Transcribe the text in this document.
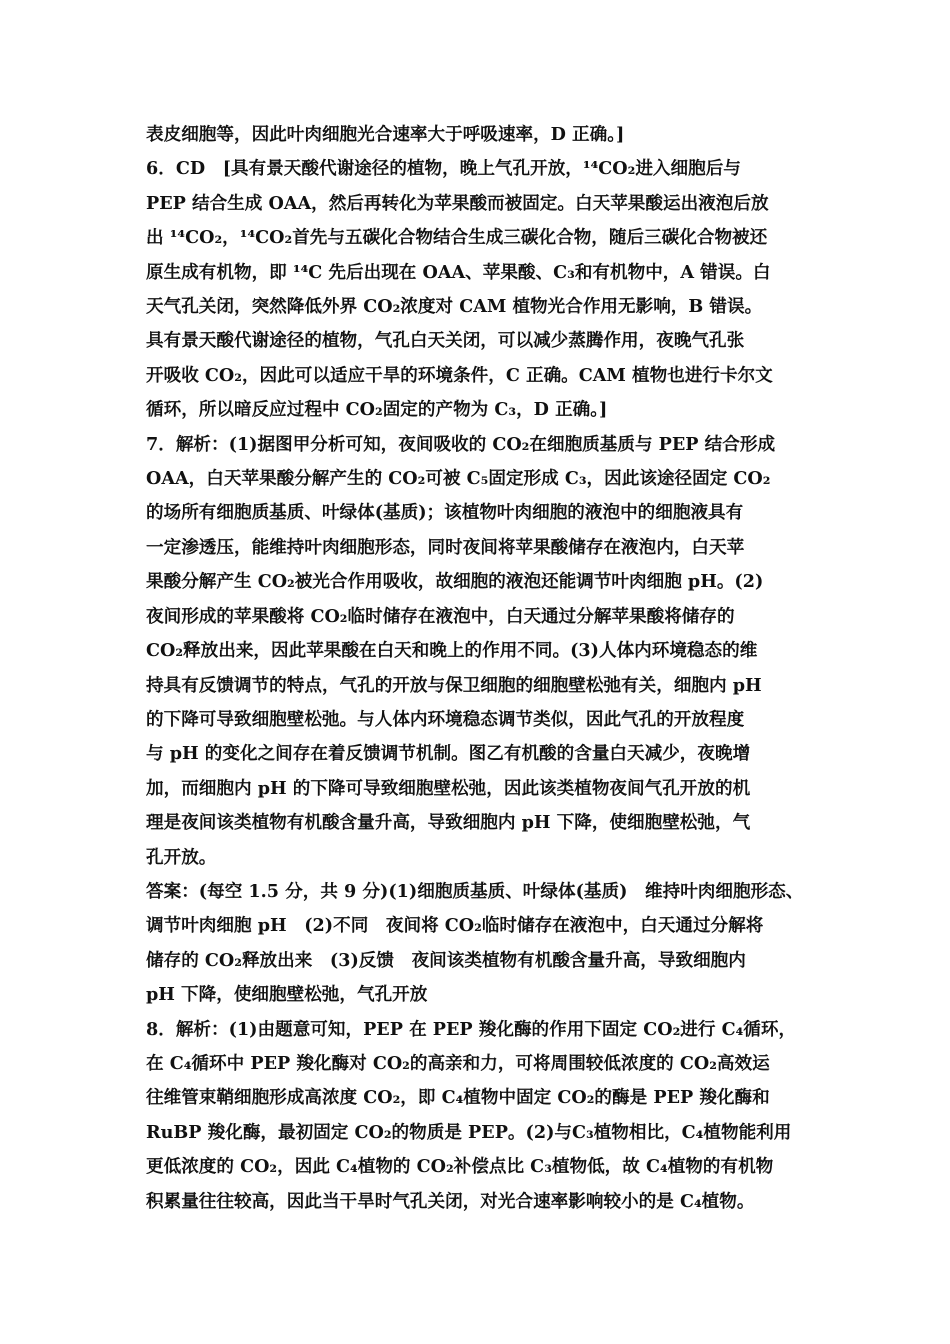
表皮细胞等，因此叶肉细胞光合速率大于呼吸速率，D 正确。]
6．CD　[具有景天酸代谢途径的植物，晚上气孔开放，¹⁴CO₂进入细胞后与
PEP 结合生成 OAA，然后再转化为苹果酸而被固定。白天苹果酸运出液泡后放
出 ¹⁴CO₂，¹⁴CO₂首先与五碳化合物结合生成三碳化合物，随后三碳化合物被还
原生成有机物，即 ¹⁴C 先后出现在 OAA、苹果酸、C₃和有机物中，A 错误。白
天气孔关闭，突然降低外界 CO₂浓度对 CAM 植物光合作用无影响，B 错误。
具有景天酸代谢途径的植物，气孔白天关闭，可以减少蒸腾作用，夜晚气孔张
开吸收 CO₂，因此可以适应干旱的环境条件，C 正确。CAM 植物也进行卡尔文
循环，所以暗反应过程中 CO₂固定的产物为 C₃，D 正确。]
7．解析：(1)据图甲分析可知，夜间吸收的 CO₂在细胞质基质与 PEP 结合形成
OAA，白天苹果酸分解产生的 CO₂可被 C₅固定形成 C₃，因此该途径固定 CO₂
的场所有细胞质基质、叶绿体(基质)；该植物叶肉细胞的液泡中的细胞液具有
一定渗透压，能维持叶肉细胞形态，同时夜间将苹果酸储存在液泡内，白天苹
果酸分解产生 CO₂被光合作用吸收，故细胞的液泡还能调节叶肉细胞 pH。(2)
夜间形成的苹果酸将 CO₂临时储存在液泡中，白天通过分解苹果酸将储存的
CO₂释放出来，因此苹果酸在白天和晚上的作用不同。(3)人体内环境稳态的维
持具有反馈调节的特点，气孔的开放与保卫细胞的细胞壁松弛有关，细胞内 pH
的下降可导致细胞壁松弛。与人体内环境稳态调节类似，因此气孔的开放程度
与 pH 的变化之间存在着反馈调节机制。图乙有机酸的含量白天减少，夜晚增
加，而细胞内 pH 的下降可导致细胞壁松弛，因此该类植物夜间气孔开放的机
理是夜间该类植物有机酸含量升高，导致细胞内 pH 下降，使细胞壁松弛，气
孔开放。
答案：(每空 1.5 分，共 9 分)(1)细胞质基质、叶绿体(基质)　维持叶肉细胞形态、
调节叶肉细胞 pH　(2)不同　夜间将 CO₂临时储存在液泡中，白天通过分解将
储存的 CO₂释放出来　(3)反馈　夜间该类植物有机酸含量升高，导致细胞内
pH 下降，使细胞壁松弛，气孔开放
8．解析：(1)由题意可知，PEP 在 PEP 羧化酶的作用下固定 CO₂进行 C₄循环，
在 C₄循环中 PEP 羧化酶对 CO₂的高亲和力，可将周围较低浓度的 CO₂高效运
往维管束鞘细胞形成高浓度 CO₂，即 C₄植物中固定 CO₂的酶是 PEP 羧化酶和
RuBP 羧化酶，最初固定 CO₂的物质是 PEP。(2)与C₃植物相比，C₄植物能利用
更低浓度的 CO₂，因此 C₄植物的 CO₂补偿点比 C₃植物低，故 C₄植物的有机物
积累量往往较高，因此当干旱时气孔关闭，对光合速率影响较小的是 C₄植物。
